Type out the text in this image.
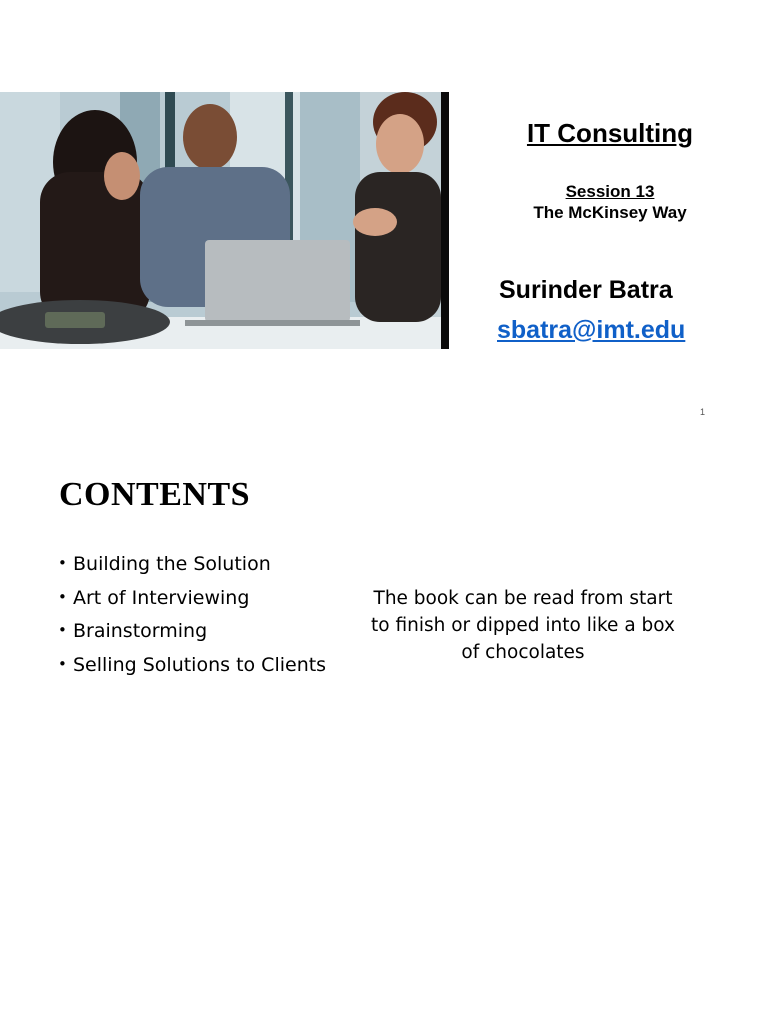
IT Consulting
Session 13
The McKinsey Way
Surinder Batra
sbatra@imt.edu
1
CONTENTS
• Building the Solution
• Art of Interviewing
• Brainstorming
• Selling Solutions to Clients
The book can be read from start to finish or dipped into like a box of chocolates
